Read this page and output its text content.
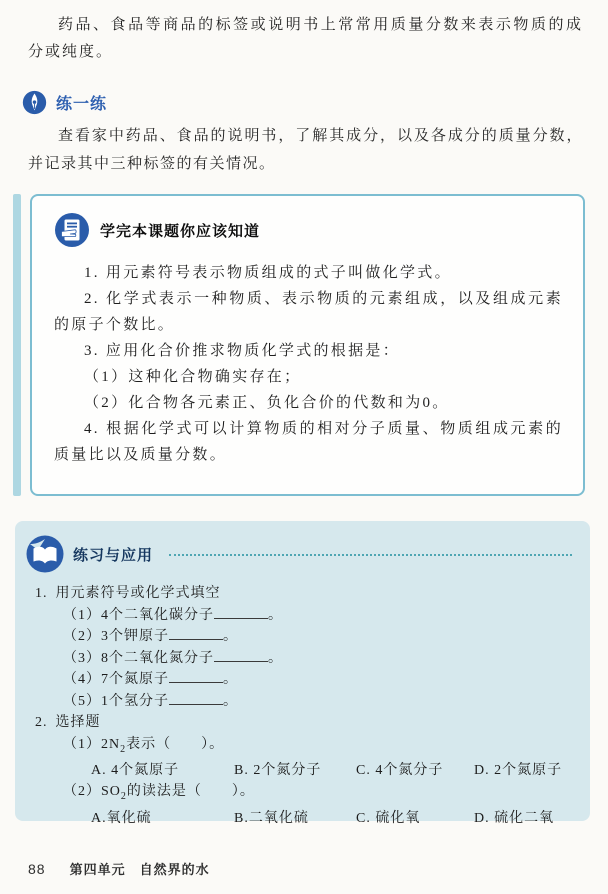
药品、食品等商品的标签或说明书上常常用质量分数来表示物质的成分或纯度。

练一练

查看家中药品、食品的说明书，了解其成分，以及各成分的质量分数，并记录其中三种标签的有关情况。

学完本课题你应该知道

1. 用元素符号表示物质组成的式子叫做化学式。

2. 化学式表示一种物质、表示物质的元素组成，以及组成元素的原子个数比。

3. 应用化合价推求物质化学式的根据是：

（1）这种化合物确实存在；

（2）化合物各元素正、负化合价的代数和为0。

4. 根据化学式可以计算物质的相对分子质量、物质组成元素的质量比以及质量分数。

练习与应用
1. 用元素符号或化学式填空
（1）4个二氧化碳分子	。
（2）3个钾原子	。
（3）8个二氧化氮分子	。
（4）7个氮原子	。
（5）1个氢分子	。
2. 选择题
$(1)2N_2$表示（　　）。
A. 4个氮原子	B. 2个氮分子	C. 4个氮分子	D. 2个氮原子
$(2)SO_2$的读法是（　　）。
A.氧化硫	B.二氧化硫	C. 硫化氧	D. 硫化二氧
88 第四单元 自然界的水
